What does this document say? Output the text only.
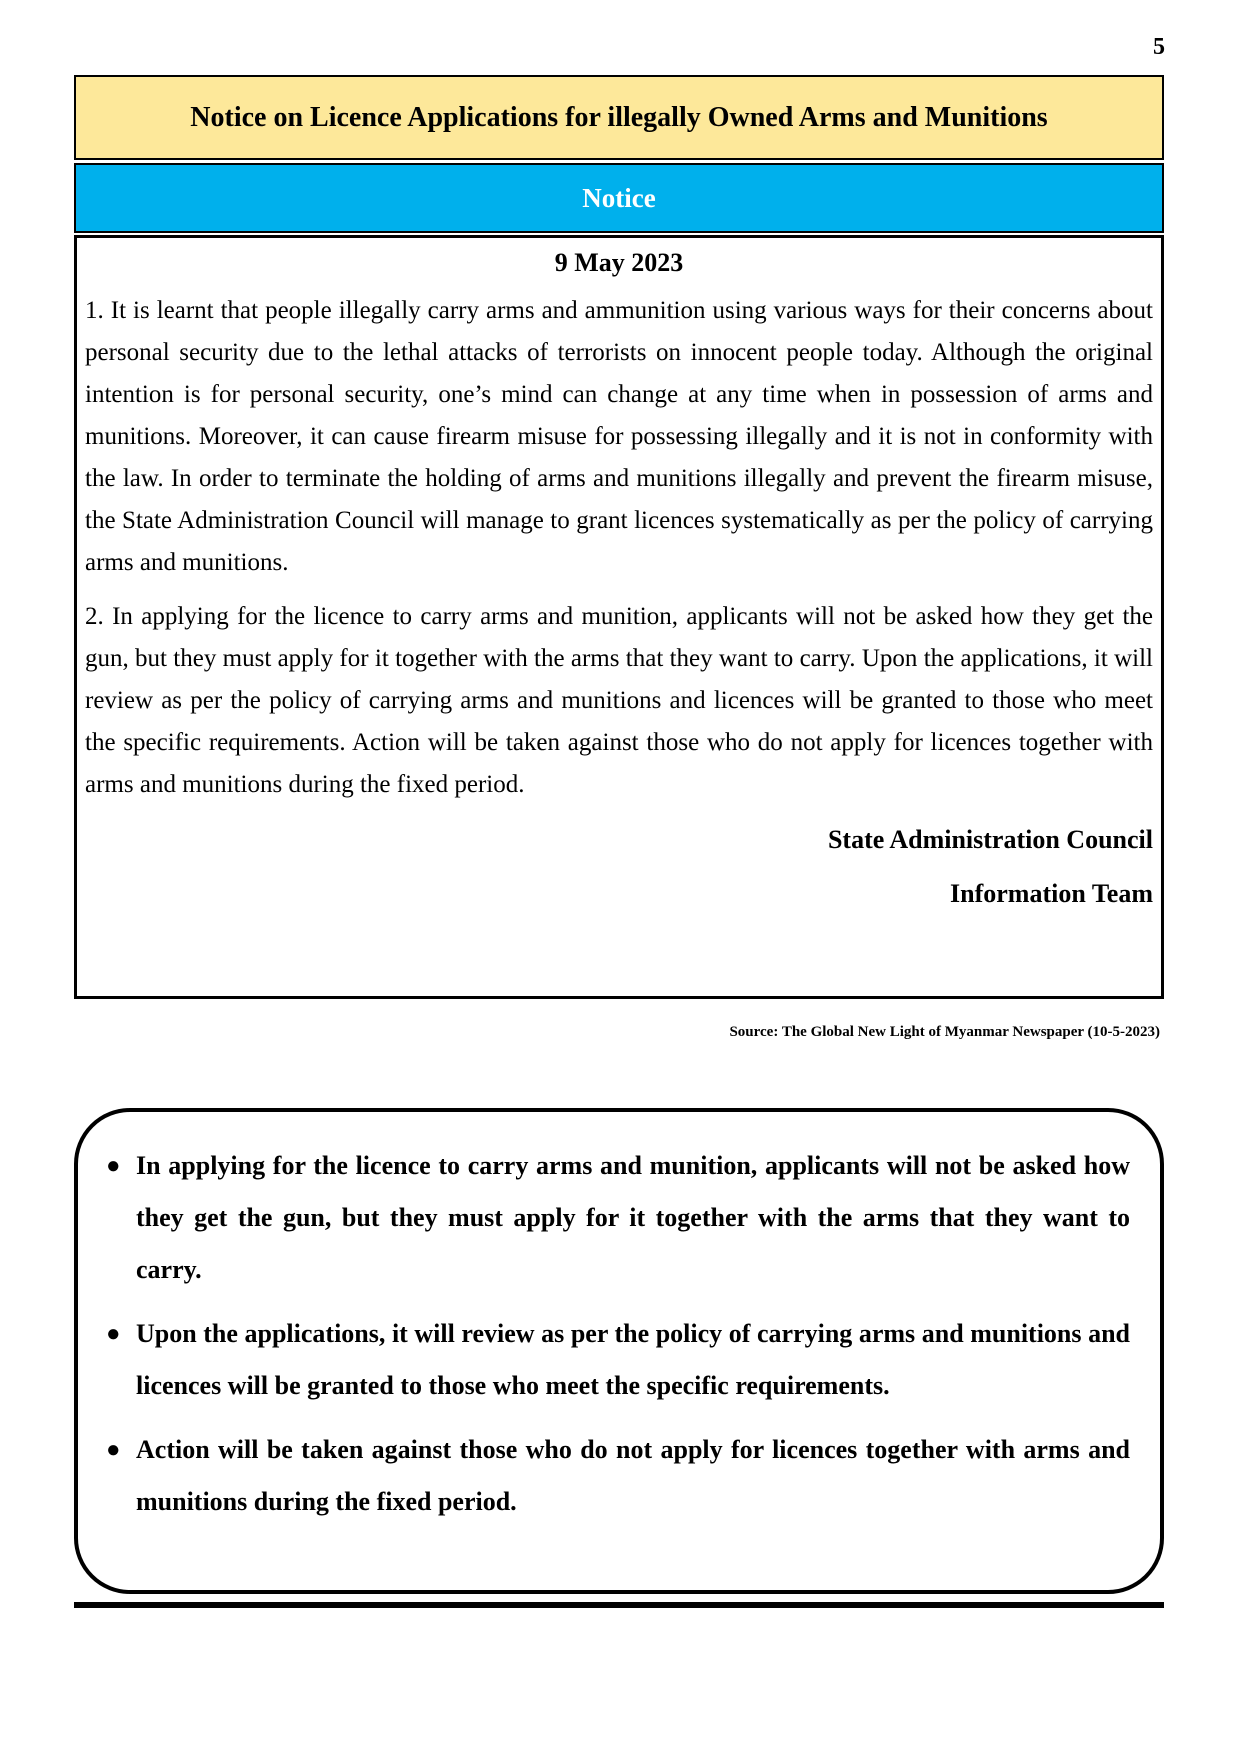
5
Notice on Licence Applications for illegally Owned Arms and Munitions
Notice
9 May 2023

1. It is learnt that people illegally carry arms and ammunition using various ways for their concerns about personal security due to the lethal attacks of terrorists on innocent people today. Although the original intention is for personal security, one’s mind can change at any time when in possession of arms and munitions. Moreover, it can cause firearm misuse for possessing illegally and it is not in conformity with the law. In order to terminate the holding of arms and munitions illegally and prevent the firearm misuse, the State Administration Council will manage to grant licences systematically as per the policy of carrying arms and munitions.

2. In applying for the licence to carry arms and munition, applicants will not be asked how they get the gun, but they must apply for it together with the arms that they want to carry. Upon the applications, it will review as per the policy of carrying arms and munitions and licences will be granted to those who meet the specific requirements. Action will be taken against those who do not apply for licences together with arms and munitions during the fixed period.

State Administration Council
Information Team
Source: The Global New Light of Myanmar Newspaper (10-5-2023)
● In applying for the licence to carry arms and munition, applicants will not be asked how they get the gun, but they must apply for it together with the arms that they want to carry.
● Upon the applications, it will review as per the policy of carrying arms and munitions and licences will be granted to those who meet the specific requirements.
● Action will be taken against those who do not apply for licences together with arms and munitions during the fixed period.
